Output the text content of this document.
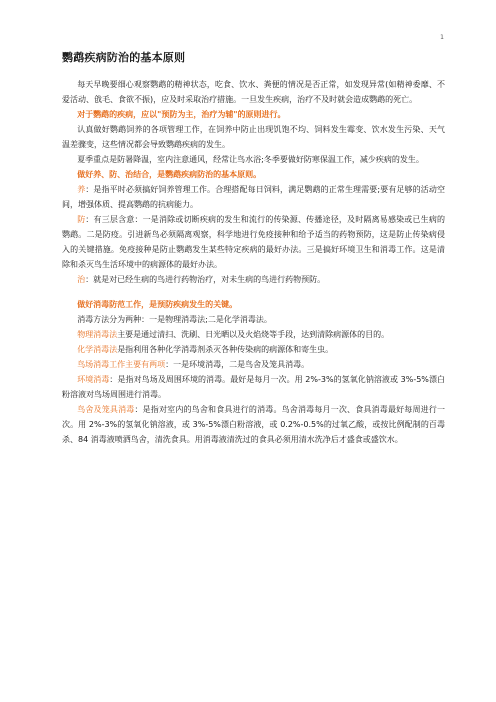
1
鹦鹉疾病防治的基本原则

每天早晚要细心观察鹦鹉的精神状态，吃食、饮水、粪便的情况是否正常，如发现异常(如精神委靡、不爱活动、戗毛、食欲不振)，应及时采取治疗措施。一旦发生疾病，治疗不及时就会造成鹦鹉的死亡。

对于鹦鹉的疾病，应以"预防为主，治疗为辅"的原则进行。

认真做好鹦鹉饲养的各项管理工作，在饲养中防止出现饥饱不均、饲料发生霉变、饮水发生污染、天气温差骤变，这些情况都会导致鹦鹉疾病的发生。

夏季重点是防暑降温，室内注意通风，经常让鸟水浴;冬季要做好防寒保温工作，减少疾病的发生。

做好养、防、治结合，是鹦鹉疾病防治的基本原则。

养：是指平时必须搞好饲养管理工作。合理搭配每日饲料，满足鹦鹉的正常生理需要;要有足够的活动空间，增强体质、提高鹦鹉的抗病能力。

防：有三层含意：一是消除或切断疾病的发生和流行的传染源、传播途径，及时隔离易感染或已生病的鹦鹉。二是防疫。引进新鸟必须隔离观察，科学地进行免疫接种和给予适当的药物预防，这是防止传染病侵入的关键措施。免疫接种是防止鹦鹉发生某些特定疾病的最好办法。三是搞好环境卫生和消毒工作。这是清除和杀灭鸟生活环境中的病源体的最好办法。

治：就是对已经生病的鸟进行药物治疗，对未生病的鸟进行药物预防。

做好消毒防范工作，是预防疾病发生的关键。

消毒方法分为两种：一是物理消毒法;二是化学消毒法。

物理消毒法主要是通过清扫、洗刷、日光晒以及火焰烧等手段，达到清除病源体的目的。

化学消毒法是指利用各种化学消毒剂杀灭各种传染病的病源体和寄生虫。

鸟场消毒工作主要有两项：一是环境消毒，二是鸟舍及笼具消毒。

环境消毒：是指对鸟场及周围环境的消毒。最好是每月一次。用 2%-3%的氢氧化钠溶液或 3%-5%漂白粉溶液对鸟场周围进行消毒。

鸟舍及笼具消毒：是指对室内的鸟舍和食具进行的消毒。鸟舍消毒每月一次、食具消毒最好每周进行一次。用 2%-3%的氢氧化钠溶液，或 3%-5%漂白粉溶液，或 0.2%-0.5%的过氧乙酸，或按比例配制的百毒杀、84 消毒液喷洒鸟舍，清洗食具。用消毒液清洗过的食具必须用清水洗净后才盛食或盛饮水。
